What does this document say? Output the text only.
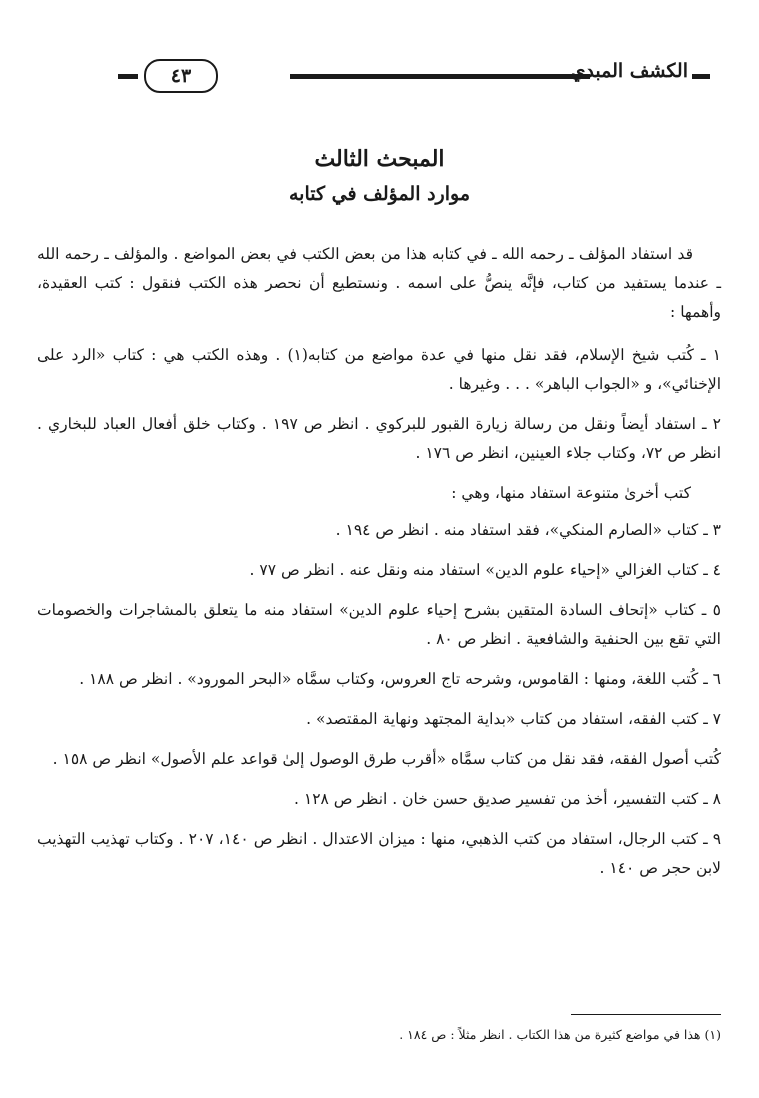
الكشف المبدي
٤٣
المبحث الثالث
موارد المؤلف في كتابه

قد استفاد المؤلف ـ رحمه الله ـ في كتابه هذا من بعض الكتب في بعض المواضع . والمؤلف ـ رحمه الله ـ عندما يستفيد من كتاب، فإنَّه ينصُّ على اسمه . ونستطيع أن نحصر هذه الكتب فنقول : كتب العقيدة، وأهمها :

١ ـ كُتب شيخ الإسلام، فقد نقل منها في عدة مواضع من كتابه(١) . وهذه الكتب هي : كتاب «الرد على الإخنائي»، و «الجواب الباهر» . . . وغيرها .

٢ ـ استفاد أيضاً ونقل من رسالة زيارة القبور للبركوي . انظر ص ١٩٧ . وكتاب خلق أفعال العباد للبخاري . انظر ص ٧٢، وكتاب جلاء العينين، انظر ص ١٧٦ .

كتب أخرىٰ متنوعة استفاد منها، وهي :

٣ ـ كتاب «الصارم المنكي»، فقد استفاد منه . انظر ص ١٩٤ .

٤ ـ كتاب الغزالي «إحياء علوم الدين» استفاد منه ونقل عنه . انظر ص ٧٧ .

٥ ـ كتاب «إتحاف السادة المتقين بشرح إحياء علوم الدين» استفاد منه ما يتعلق بالمشاجرات والخصومات التي تقع بين الحنفية والشافعية . انظر ص ٨٠ .

٦ ـ كُتب اللغة، ومنها : القاموس، وشرحه تاج العروس، وكتاب سمَّاه «البحر المورود» . انظر ص ١٨٨ .

٧ ـ كتب الفقه، استفاد من كتاب «بداية المجتهد ونهاية المقتصد» .

كُتب أصول الفقه، فقد نقل من كتاب سمَّاه «أقرب طرق الوصول إلىٰ قواعد علم الأصول» انظر ص ١٥٨ .

٨ ـ كتب التفسير، أخذ من تفسير صديق حسن خان . انظر ص ١٢٨ .

٩ ـ كتب الرجال، استفاد من كتب الذهبي، منها : ميزان الاعتدال . انظر ص ١٤٠، ٢٠٧ . وكتاب تهذيب التهذيب لابن حجر ص ١٤٠ .

(١) هذا في مواضع كثيرة من هذا الكتاب . انظر مثلاً : ص ١٨٤ .
